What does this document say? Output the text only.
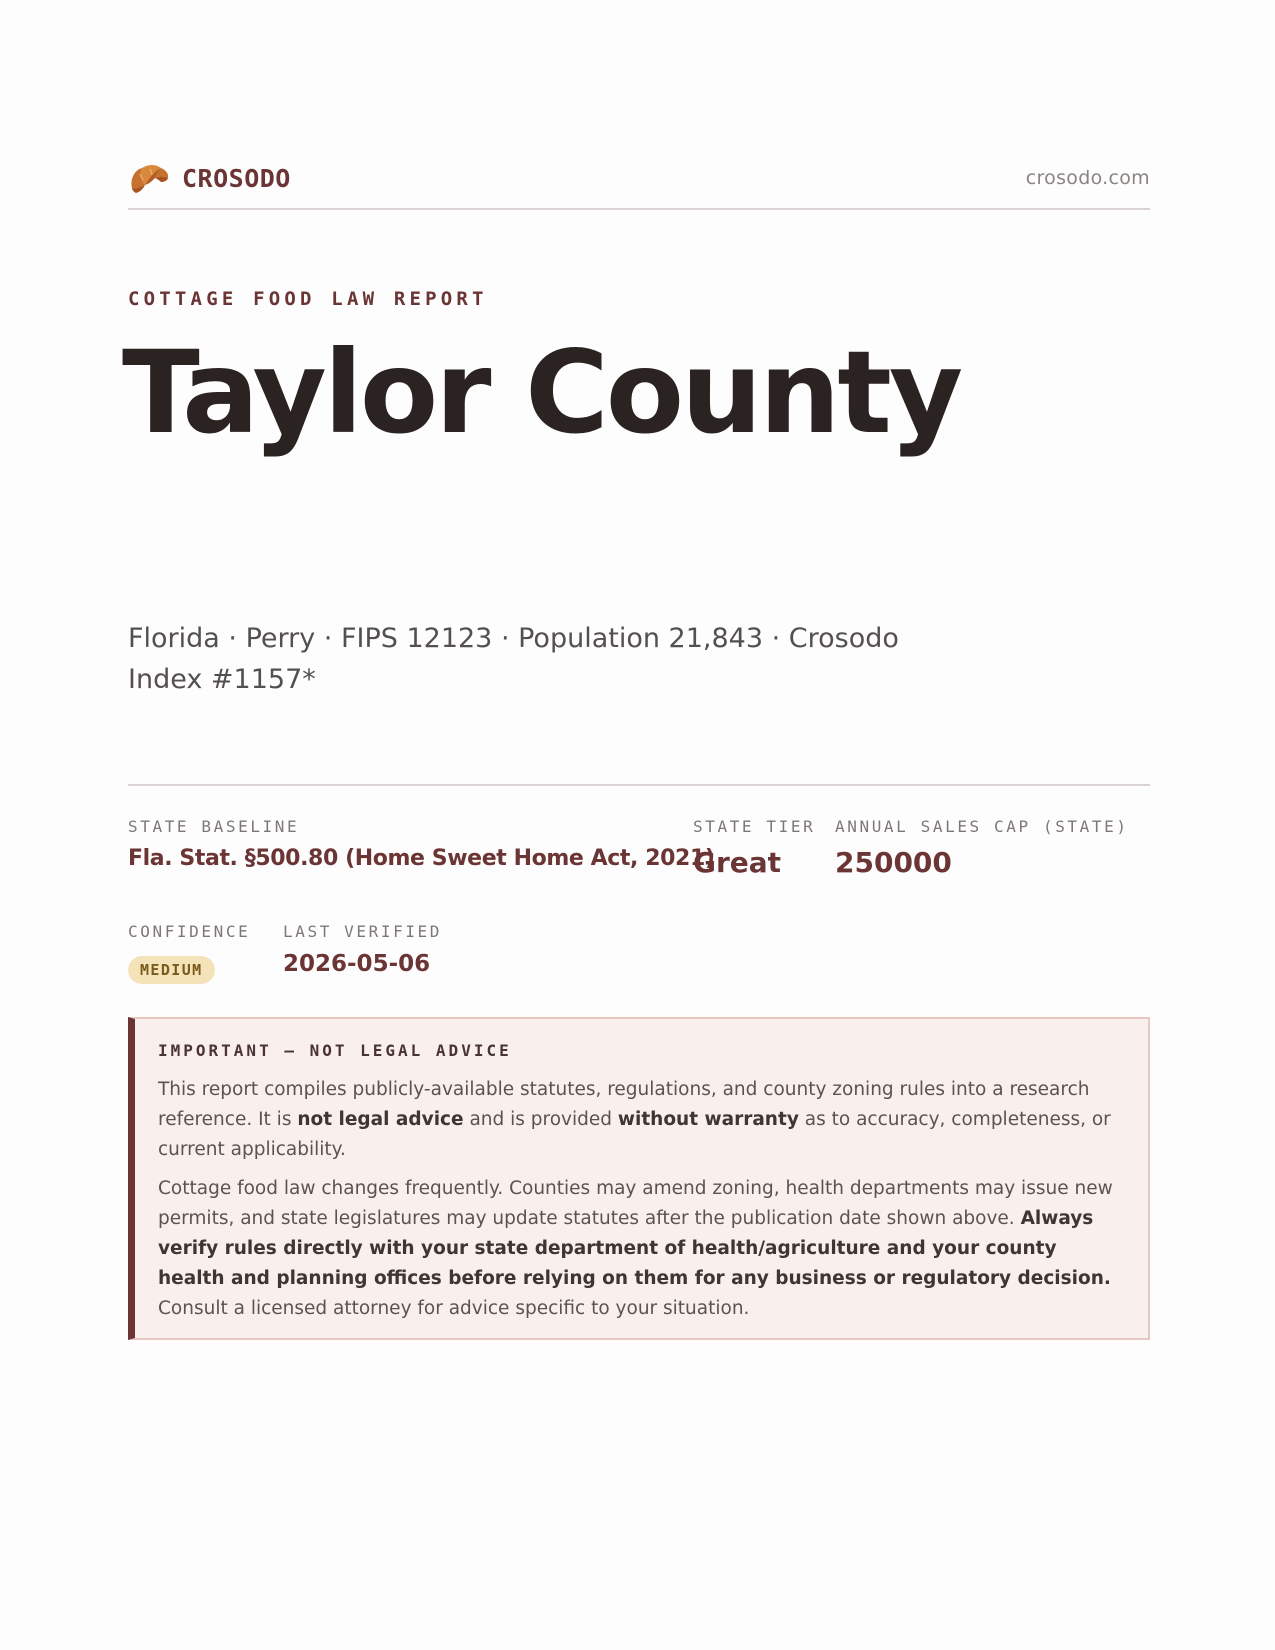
CROSODO	crosodo.com
COTTAGE FOOD LAW REPORT
Taylor County
Florida · Perry · FIPS 12123 · Population 21,843 · Crosodo Index #1157*
STATE BASELINE
Fla. Stat. §500.80 (Home Sweet Home Act, 2021)
STATE TIER
Great
ANNUAL SALES CAP (STATE)
250000
CONFIDENCE
MEDIUM
LAST VERIFIED
2026-05-06
IMPORTANT — NOT LEGAL ADVICE

This report compiles publicly-available statutes, regulations, and county zoning rules into a research reference. It is not legal advice and is provided without warranty as to accuracy, completeness, or current applicability.

Cottage food law changes frequently. Counties may amend zoning, health departments may issue new permits, and state legislatures may update statutes after the publication date shown above. Always verify rules directly with your state department of health/agriculture and your county health and planning offices before relying on them for any business or regulatory decision. Consult a licensed attorney for advice specific to your situation.
